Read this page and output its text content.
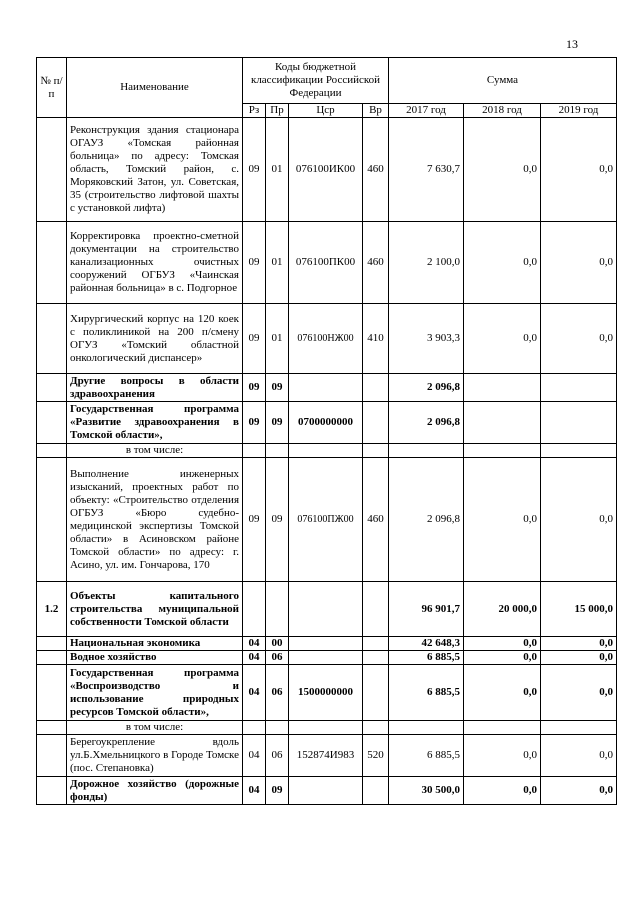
13
№ п/п	Наименование	Коды бюджетной классификации Российской Федерации				Сумма		
		Рз	Пр	Цср	Вр	2017 год	2018 год	2019 год
	Реконструкция здания стационара ОГАУЗ «Томская районная больница» по адресу: Томская область, Томский район, с. Моряковский Затон, ул. Советская, 35 (строительство лифтовой шахты с установкой лифта)	09	01	076100ИК00	460	7 630,7	0,0	0,0
	Корректировка проектно-сметной документации на строительство канализационных очистных сооружений ОГБУЗ «Чаинская районная больница» в с. Подгорное	09	01	076100ПК00	460	2 100,0	0,0	0,0
	Хирургический корпус на 120 коек с поликлиникой на 200 п/смену ОГУЗ «Томский областной онкологический диспансер»	09	01	076100НЖ00	410	3 903,3	0,0	0,0
	Другие вопросы в области здравоохранения	09	09			2 096,8		
	Государственная программа «Развитие здравоохранения в Томской области»,	09	09	0700000000		2 096,8		
	в том числе:							
	Выполнение инженерных изысканий, проектных работ по объекту: «Строительство отделения ОГБУЗ «Бюро судебно-медицинской экспертизы Томской области» в Асиновском районе Томской области» по адресу: г. Асино, ул. им. Гончарова, 170	09	09	076100ПЖ00	460	2 096,8	0,0	0,0
1.2	Объекты капитального строительства муниципальной собственности Томской области					96 901,7	20 000,0	15 000,0
	Национальная экономика	04	00			42 648,3	0,0	0,0
	Водное хозяйство	04	06			6 885,5	0,0	0,0
	Государственная программа «Воспроизводство и использование природных ресурсов Томской области»,	04	06	1500000000		6 885,5	0,0	0,0
	в том числе:							
	Берегоукрепление вдоль ул.Б.Хмельницкого в Городе Томске (пос. Степановка)	04	06	152874И983	520	6 885,5	0,0	0,0
	Дорожное хозяйство (дорожные фонды)	04	09			30 500,0	0,0	0,0
